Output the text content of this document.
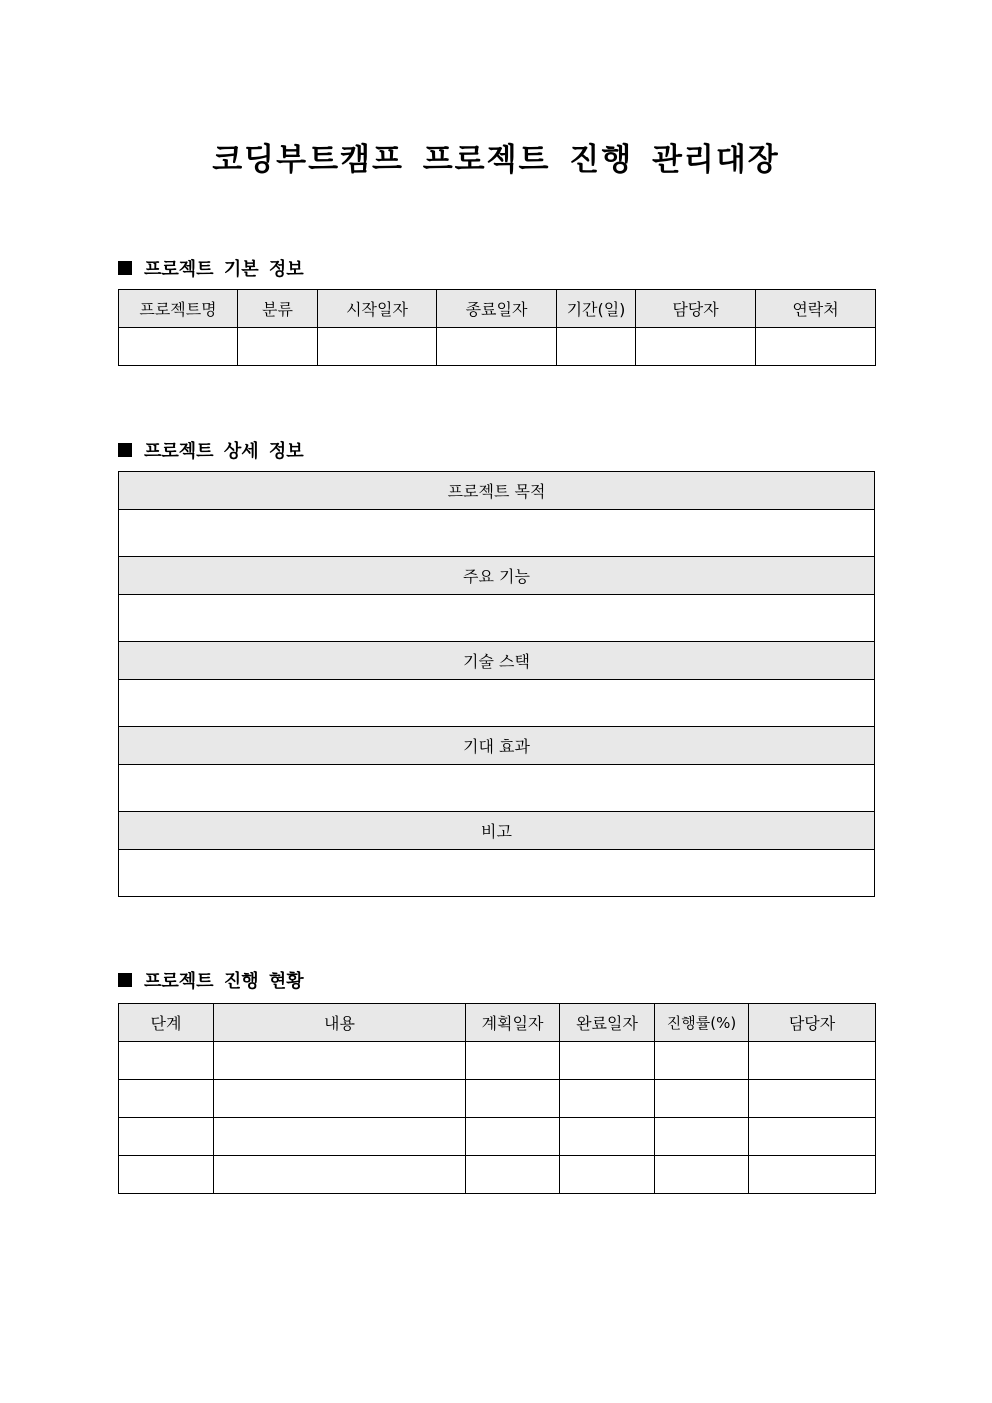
코딩부트캠프 프로젝트 진행 관리대장
프로젝트 기본 정보
프로젝트명	분류	시작일자	종료일자	기간(일)	담당자	연락처

프로젝트 상세 정보
프로젝트 목적

주요 기능

기술 스택

기대 효과

비고

프로젝트 진행 현황
단계	내용	계획일자	완료일자	진행률(%)	담당자
